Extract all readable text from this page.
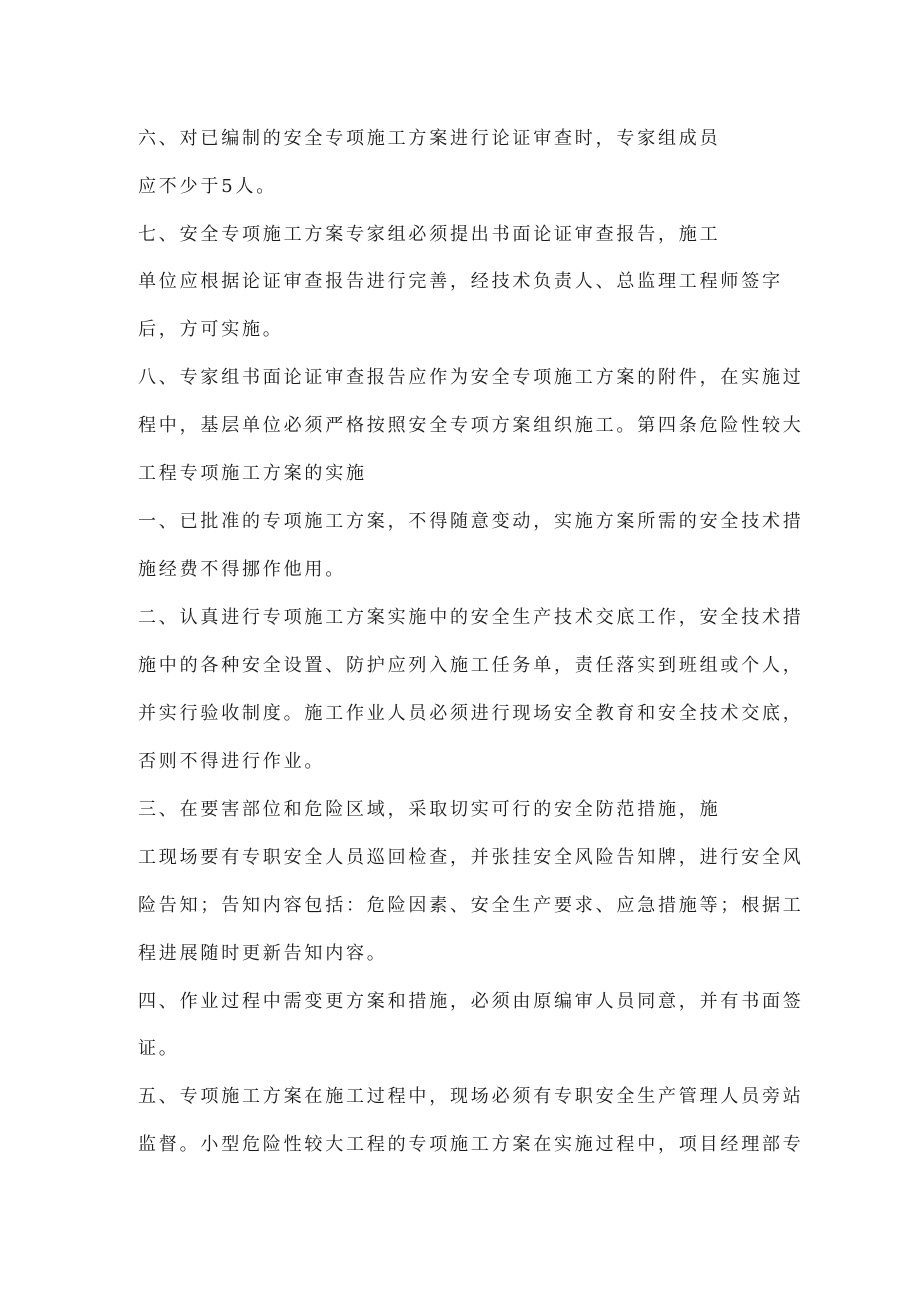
六、对已编制的安全专项施工方案进行论证审查时，专家组成员
应不少于5人。
七、安全专项施工方案专家组必须提出书面论证审查报告，施工
单位应根据论证审查报告进行完善，经技术负责人、总监理工程师签字
后，方可实施。
八、专家组书面论证审查报告应作为安全专项施工方案的附件，在实施过
程中，基层单位必须严格按照安全专项方案组织施工。第四条危险性较大
工程专项施工方案的实施
一、已批准的专项施工方案，不得随意变动，实施方案所需的安全技术措
施经费不得挪作他用。
二、认真进行专项施工方案实施中的安全生产技术交底工作，安全技术措
施中的各种安全设置、防护应列入施工任务单，责任落实到班组或个人，
并实行验收制度。施工作业人员必须进行现场安全教育和安全技术交底，
否则不得进行作业。
三、在要害部位和危险区域，采取切实可行的安全防范措施，施
工现场要有专职安全人员巡回检查，并张挂安全风险告知牌，进行安全风
险告知；告知内容包括：危险因素、安全生产要求、应急措施等；根据工
程进展随时更新告知内容。
四、作业过程中需变更方案和措施，必须由原编审人员同意，并有书面签
证。
五、专项施工方案在施工过程中，现场必须有专职安全生产管理人员旁站
监督。小型危险性较大工程的专项施工方案在实施过程中，项目经理部专
